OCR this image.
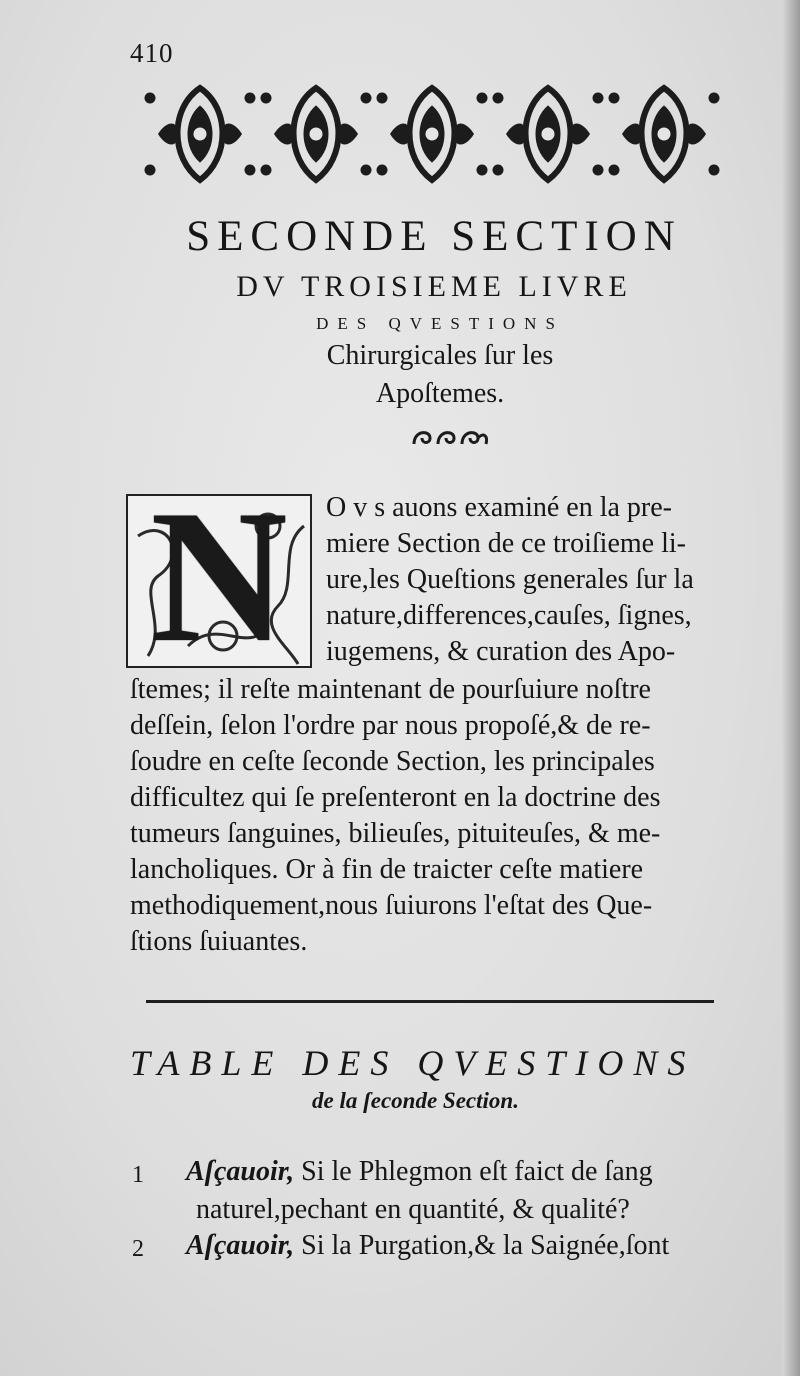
410
SECONDE SECTION
DV TROISIEME LIVRE
DES QVESTIONS
Chirurgicales ſur les
Apoſtemes.
N	O v s auons examiné en la pre-
miere Section de ce troiſieme li-
ure,les Queſtions generales ſur la
nature,differences,cauſes, ſignes,
iugemens, & curation des Apo-
ſtemes; il reſte maintenant de pourſuiure noſtre
deſſein, ſelon l'ordre par nous propoſé,& de re-
ſoudre en ceſte ſeconde Section, les principales
difficultez qui ſe preſenteront en la doctrine des
tumeurs ſanguines, bilieuſes, pituiteuſes, & me-
lancholiques. Or à fin de traicter ceſte matiere
methodiquement,nous ſuiurons l'eſtat des Que-
ſtions ſuiuantes.
TABLE DES QVESTIONS
de la ſeconde Section.
1 Aſçauoir, Si le Phlegmon eſt faict de ſang
naturel,pechant en quantité, & qualité?
2 Aſçauoir, Si la Purgation,& la Saignée,ſont
